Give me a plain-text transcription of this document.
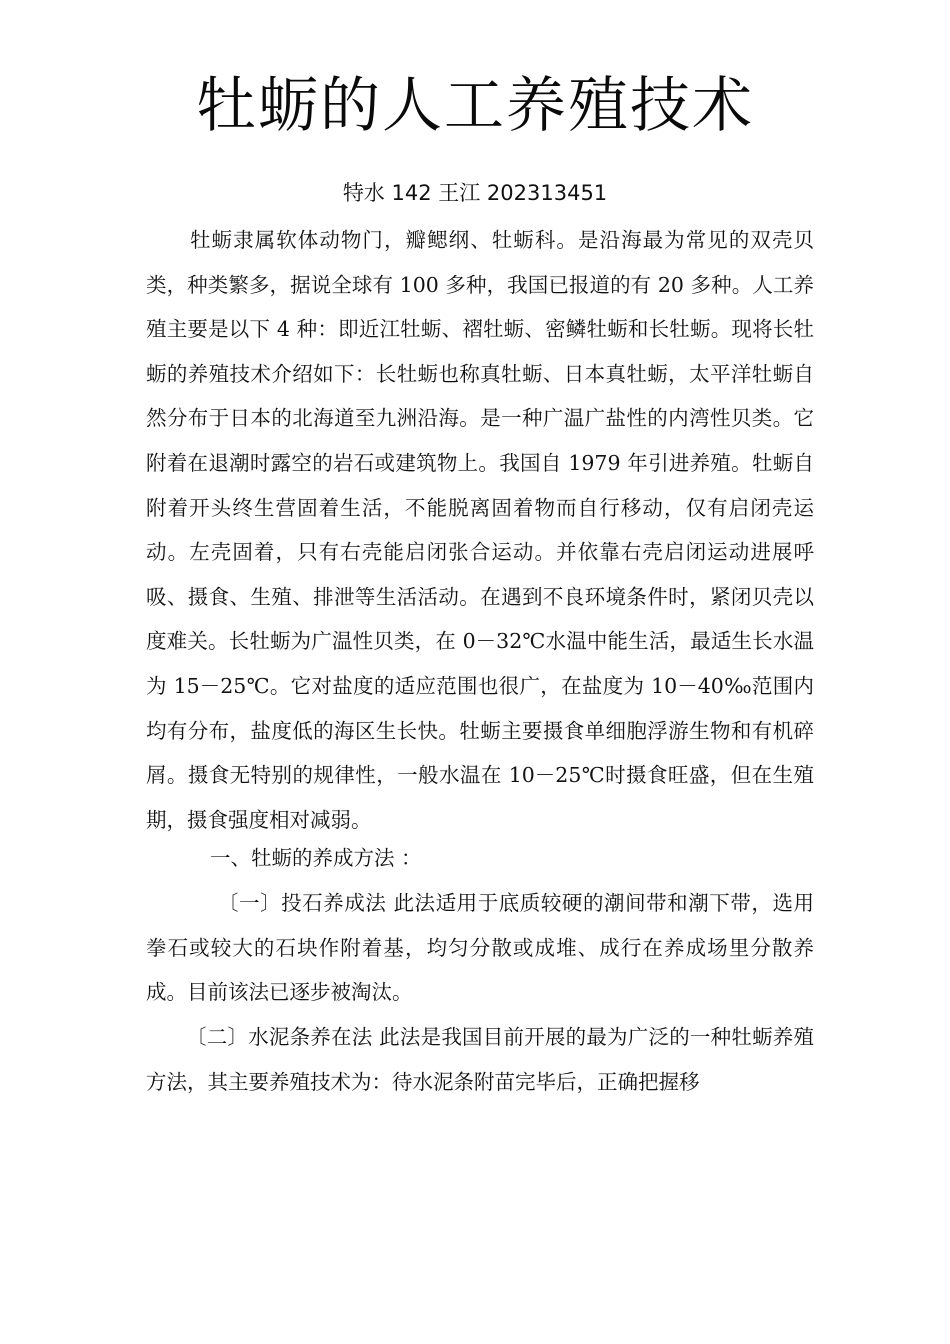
牡蛎的人工养殖技术
特水 142 王江 202313451

牡蛎隶属软体动物门，瓣鳃纲、牡蛎科。是沿海最为常见的双壳贝类，种类繁多，据说全球有 100 多种，我国已报道的有 20 多种。人工养殖主要是以下 4 种：即近江牡蛎、褶牡蛎、密鳞牡蛎和长牡蛎。现将长牡蛎的养殖技术介绍如下：长牡蛎也称真牡蛎、日本真牡蛎，太平洋牡蛎自然分布于日本的北海道至九洲沿海。是一种广温广盐性的内湾性贝类。它附着在退潮时露空的岩石或建筑物上。我国自 1979 年引进养殖。牡蛎自附着开头终生营固着生活，不能脱离固着物而自行移动，仅有启闭壳运动。左壳固着，只有右壳能启闭张合运动。并依靠右壳启闭运动进展呼吸、摄食、生殖、排泄等生活活动。在遇到不良环境条件时，紧闭贝壳以度难关。长牡蛎为广温性贝类，在 0－32℃水温中能生活，最适生长水温为 15－25℃。它对盐度的适应范围也很广，在盐度为 10－40‰范围内均有分布，盐度低的海区生长快。牡蛎主要摄食单细胞浮游生物和有机碎屑。摄食无特别的规律性，一般水温在 10－25℃时摄食旺盛，但在生殖期，摄食强度相对减弱。

一、牡蛎的养成方法 ：

〔一〕投石养成法 此法适用于底质较硬的潮间带和潮下带，选用拳石或较大的石块作附着基，均匀分散或成堆、成行在养成场里分散养成。目前该法已逐步被淘汰。

〔二〕水泥条养在法 此法是我国目前开展的最为广泛的一种牡蛎养殖方法，其主要养殖技术为：待水泥条附苗完毕后，正确把握移
